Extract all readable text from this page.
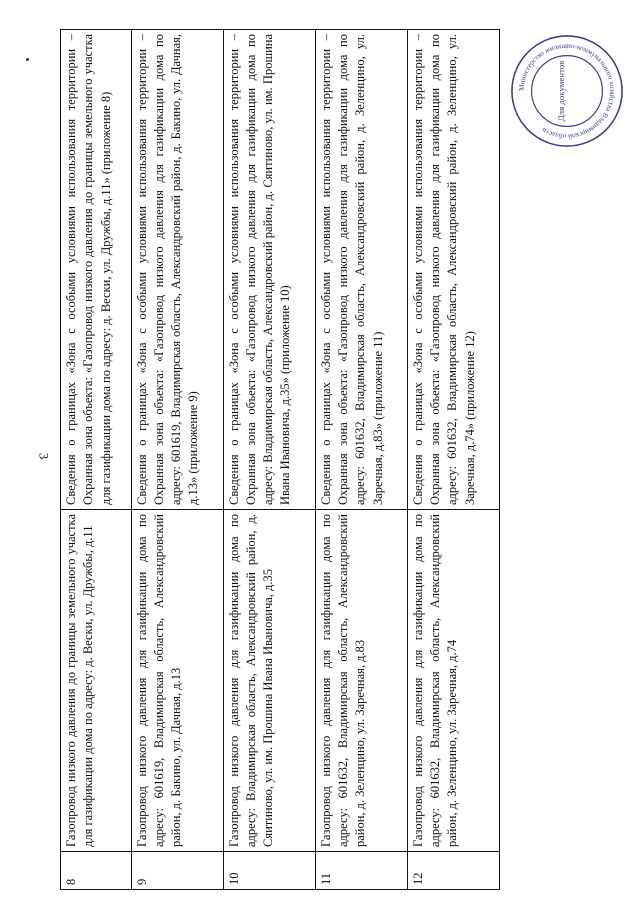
3
8	Газопровод низкого давления до границы земельного участка для газификации дома по адресу: д. Вески, ул. Дружбы, д.11	Сведения о границах «Зона с особыми условиями использования территории – Охранная зона объекта: «Газопровод низкого давления до границы земельного участка для газификации дома по адресу: д. Вески, ул. Дружбы, д.11» (приложение 8)
9	Газопровод низкого давления для газификации дома по адресу: 601619, Владимирская область, Александровский район, д. Бакино, ул. Дачная, д.13	Сведения о границах «Зона с особыми условиями использования территории – Охранная зона объекта: «Газопровод низкого давления для газификации дома по адресу: 601619, Владимирская область, Александровский район, д. Бакино, ул. Дачная, д.13» (приложение 9)
10	Газопровод низкого давления для газификации дома по адресу: Владимирская область, Александровский район, д. Сяитиново, ул. им. Прошина Ивана Ивановича, д.35	Сведения о границах «Зона с особыми условиями использования территории – Охранная зона объекта: «Газопровод низкого давления для газификации дома по адресу: Владимирская область, Александровский район, д. Сяитиново, ул. им. Прошина Ивана Ивановича, д.35» (приложение 10)
11	Газопровод низкого давления для газификации дома по адресу: 601632, Владимирская область, Александровский район, д. Зеленцино, ул. Заречная, д.83	Сведения о границах «Зона с особыми условиями использования территории – Охранная зона объекта: «Газопровод низкого давления для газификации дома по адресу: 601632, Владимирская область, Александровский район, д. Зеленцино, ул. Заречная, д.83» (приложение 11)
12	Газопровод низкого давления для газификации дома по адресу: 601632, Владимирская область, Александровский район, д. Зеленцино, ул. Заречная, д.74	Сведения о границах «Зона с особыми условиями использования территории – Охранная зона объекта: «Газопровод низкого давления для газификации дома по адресу: 601632, Владимирская область, Александровский район, д. Зеленцино, ул. Заречная, д.74» (приложение 12)
Министерство жилищно-коммунального хозяйства Владимирской области
Для документов
